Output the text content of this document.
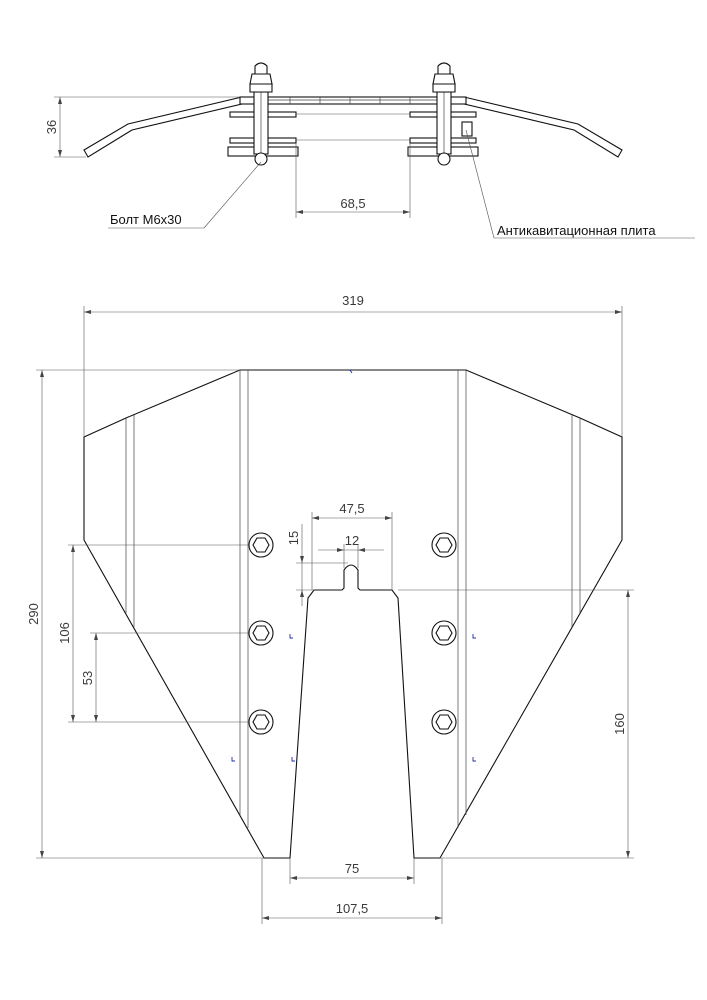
36
68,5
Болт М6х30
Антикавитационная плита
319
290
106
53
160
47,5
12
15
75
107,5
